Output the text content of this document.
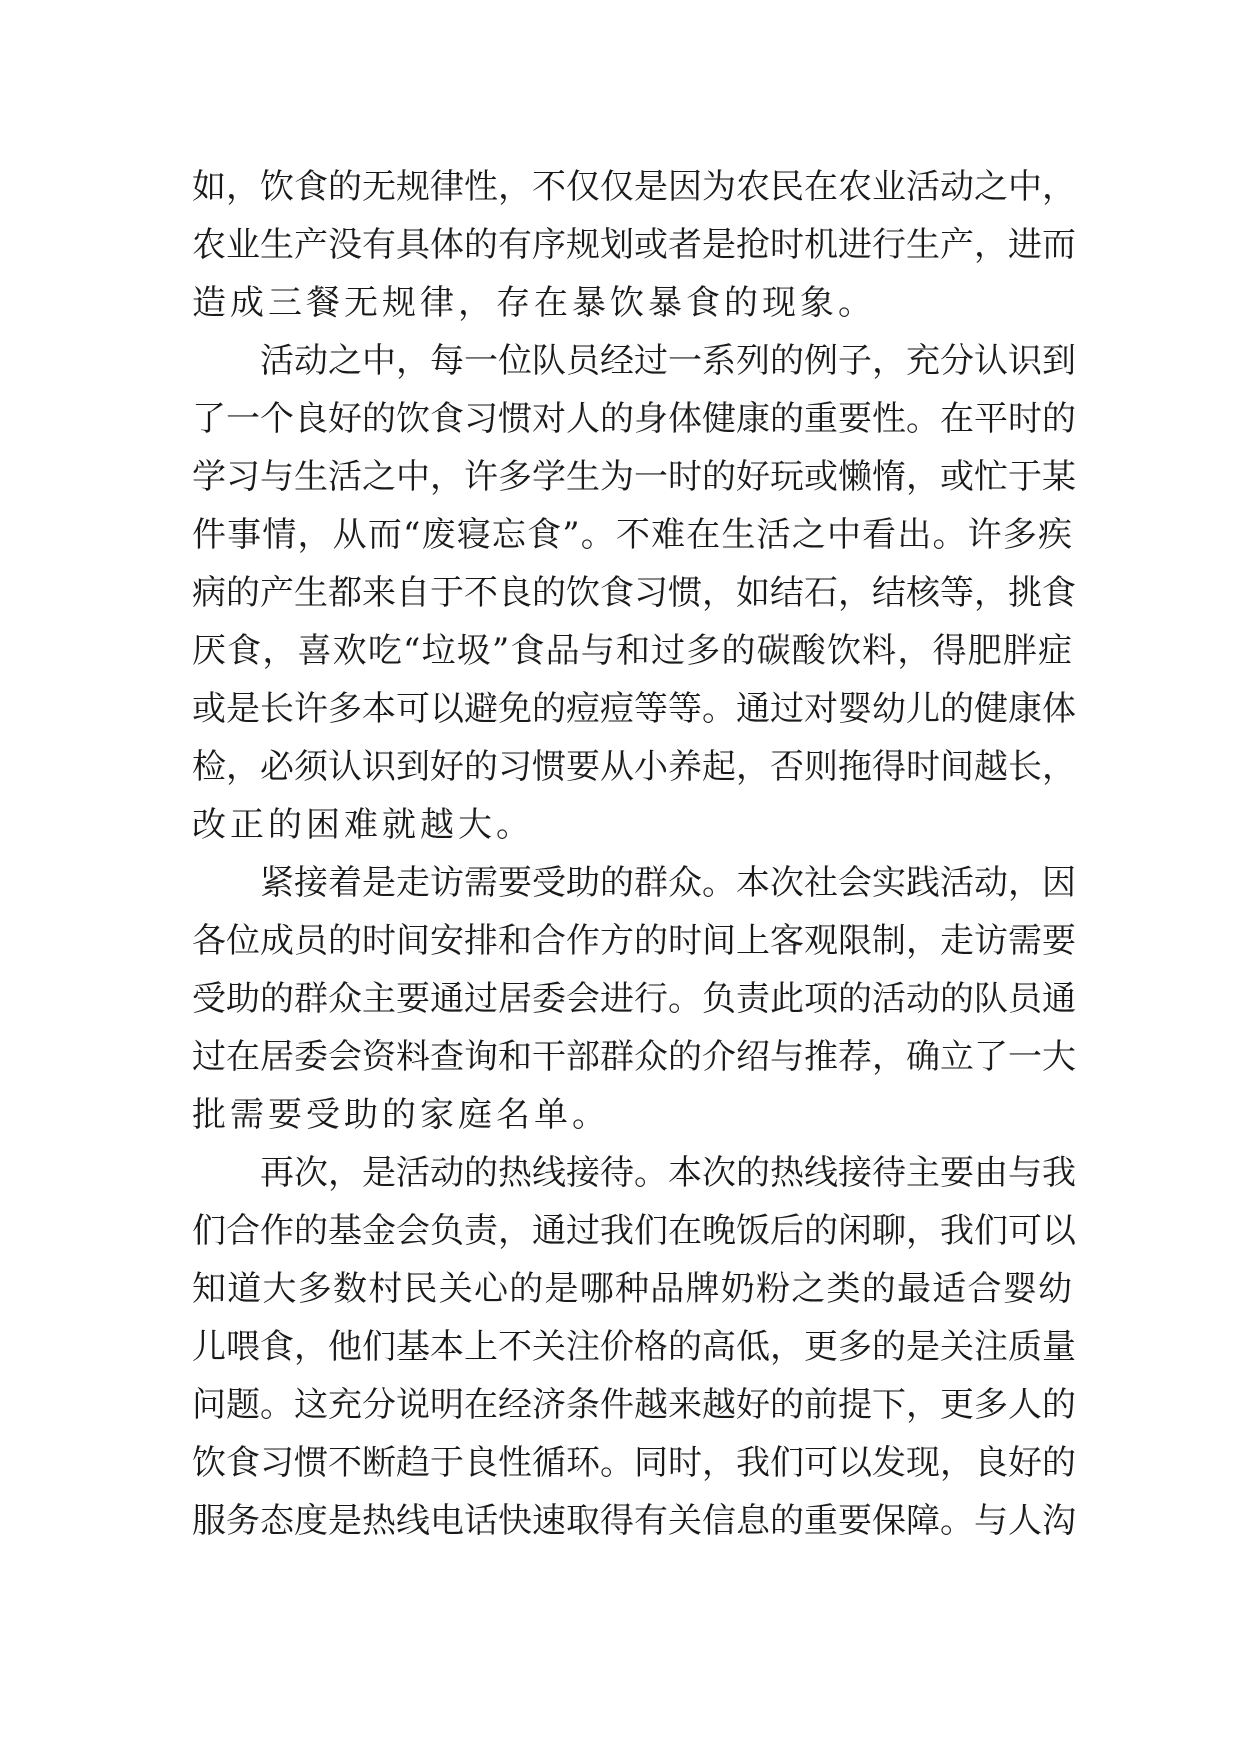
如，饮食的无规律性，不仅仅是因为农民在农业活动之中，
农业生产没有具体的有序规划或者是抢时机进行生产，进而
造成三餐无规律，存在暴饮暴食的现象。
活动之中，每一位队员经过一系列的例子，充分认识到
了一个良好的饮食习惯对人的身体健康的重要性。在平时的
学习与生活之中，许多学生为一时的好玩或懒惰，或忙于某
件事情，从而“废寝忘食”。不难在生活之中看出。许多疾
病的产生都来自于不良的饮食习惯，如结石，结核等，挑食
厌食，喜欢吃“垃圾”食品与和过多的碳酸饮料，得肥胖症
或是长许多本可以避免的痘痘等等。通过对婴幼儿的健康体
检，必须认识到好的习惯要从小养起，否则拖得时间越长，
改正的困难就越大。
紧接着是走访需要受助的群众。本次社会实践活动，因
各位成员的时间安排和合作方的时间上客观限制，走访需要
受助的群众主要通过居委会进行。负责此项的活动的队员通
过在居委会资料查询和干部群众的介绍与推荐，确立了一大
批需要受助的家庭名单。
再次，是活动的热线接待。本次的热线接待主要由与我
们合作的基金会负责，通过我们在晚饭后的闲聊，我们可以
知道大多数村民关心的是哪种品牌奶粉之类的最适合婴幼
儿喂食，他们基本上不关注价格的高低，更多的是关注质量
问题。这充分说明在经济条件越来越好的前提下，更多人的
饮食习惯不断趋于良性循环。同时，我们可以发现，良好的
服务态度是热线电话快速取得有关信息的重要保障。与人沟
